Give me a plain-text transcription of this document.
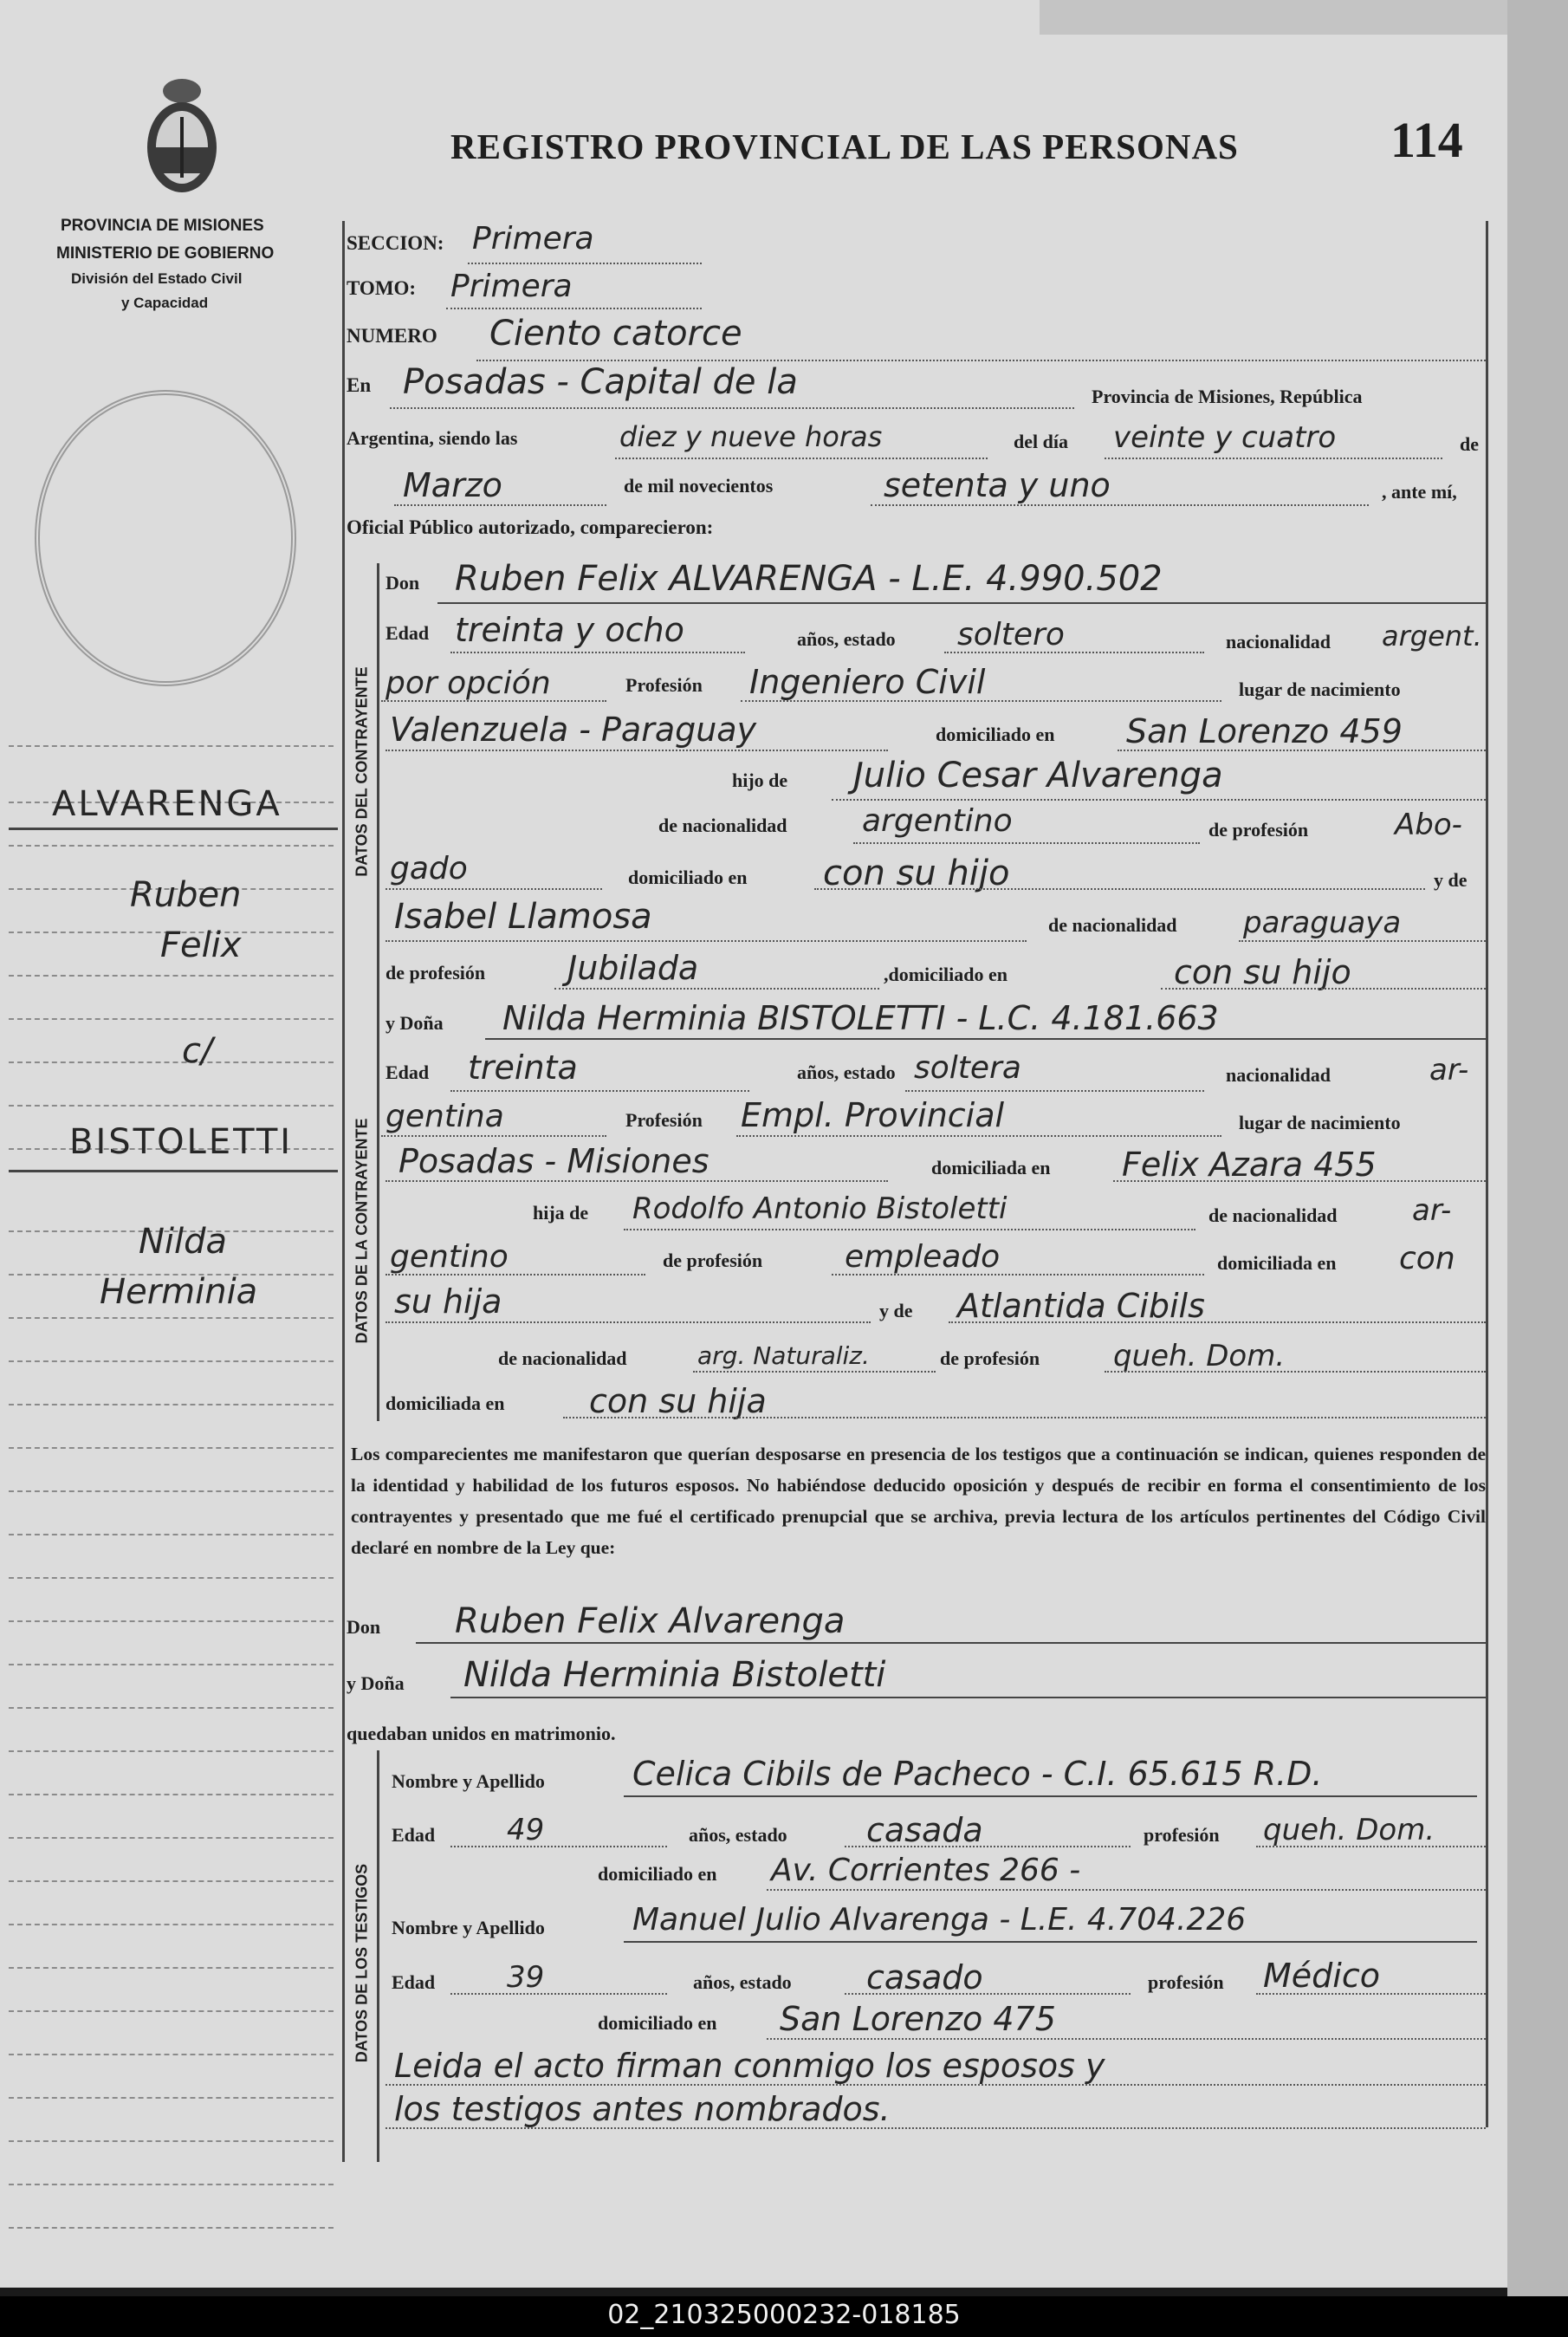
PROVINCIA DE MISIONES
MINISTERIO DE GOBIERNO
División del Estado Civil
y Capacidad
REGISTRO PROVINCIAL DE LAS PERSONAS	114
ALVARENGA
Ruben
Felix
c/
BISTOLETTI
Nilda
Herminia
SECCION: Primera
TOMO: Primera
NUMERO Ciento catorce
En Posadas - Capital de la	Provincia de Misiones, República
Argentina, siendo las	diez y nueve horas	del día veinte y cuatro	de
Marzo	de mil novecientos	setenta y uno	, ante mí,
Oficial Público autorizado, comparecieron:
DATOS DEL CONTRAYENTE
Don Ruben Felix ALVARENGA - L.E. 4.990.502
Edad treinta y ocho	años, estado soltero	nacionalidad argent.
por opción	Profesión Ingeniero Civil	lugar de nacimiento
Valenzuela - Paraguay	domiciliado en San Lorenzo 459
hijo de Julio Cesar Alvarenga
de nacionalidad argentino	de profesión	Abo-
gado	domiciliado en con su hijo	y de
Isabel Llamosa	de nacionalidad paraguaya
de profesión Jubilada	,domiciliado en	con su hijo
DATOS DE LA CONTRAYENTE
y Doña Nilda Herminia BISTOLETTI - L.C. 4.181.663
Edad treinta	años, estado soltera	nacionalidad	ar-
gentina	Profesión Empl. Provincial	lugar de nacimiento
Posadas - Misiones	domiciliada en Felix Azara 455
hija de Rodolfo Antonio Bistoletti	de nacionalidad	ar-
gentino	de profesión	empleado	domiciliada en con
su hija	y de Atlantida Cibils
de nacionalidad	arg. Naturaliz.	de profesión queh. Dom.
domiciliada en	con su hija
Los comparecientes me manifestaron que querían desposarse en presencia de los testigos que a continuación se indican, quienes responden de la identidad y habilidad de los futuros esposos. No habiéndose deducido oposición y después de recibir en forma el consentimiento de los contrayentes y presentado que me fué el certificado prenupcial que se archiva, previa lectura de los artículos pertinentes del Código Civil declaré en nombre de la Ley que:
Don Ruben Felix Alvarenga
y Doña Nilda Herminia Bistoletti
quedaban unidos en matrimonio.
DATOS DE LOS TESTIGOS
Nombre y Apellido	Celica Cibils de Pacheco - C.I. 65.615 R.D.
Edad 49	años, estado casada	profesión queh. Dom.
domiciliado en Av. Corrientes 266 -
Nombre y Apellido	Manuel Julio Alvarenga - L.E. 4.704.226
Edad 39	años, estado casado	profesión Médico
domiciliado en San Lorenzo 475
Leida el acto firman conmigo los esposos y
los testigos antes nombrados.
02_210325000232-018185
